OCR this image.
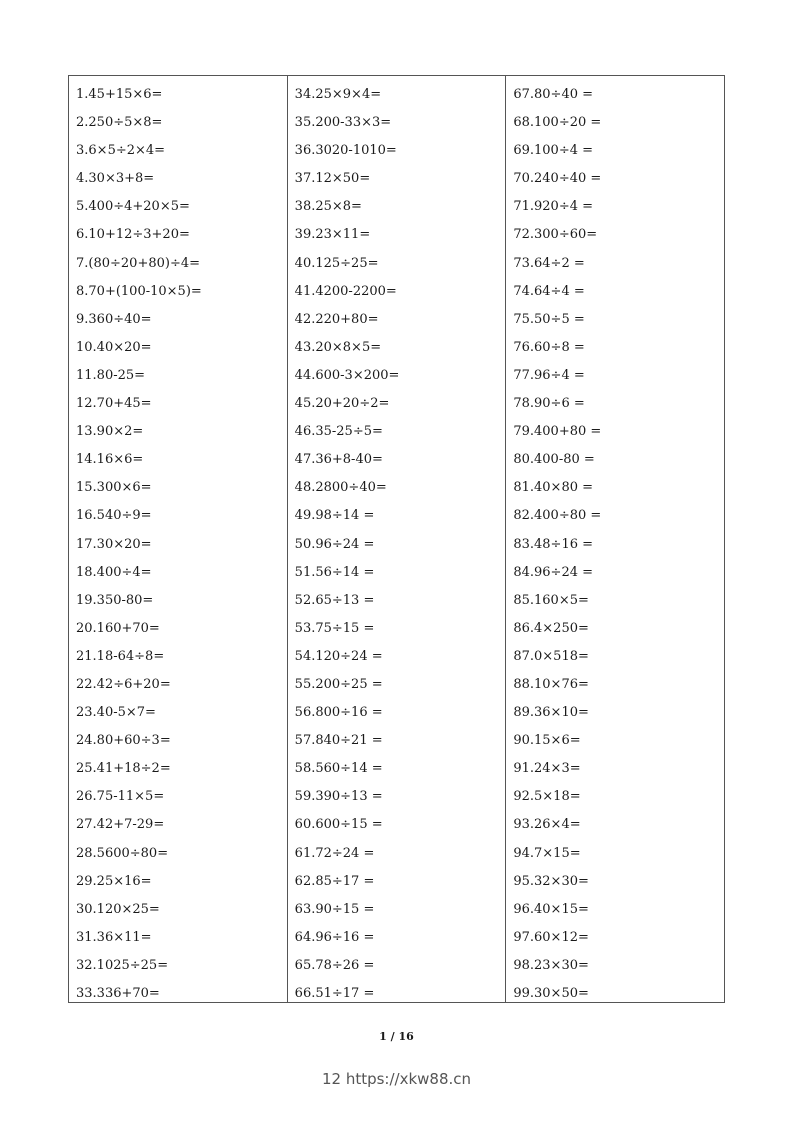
1.45+15×6=
2.250÷5×8=
3.6×5÷2×4=
4.30×3+8=
5.400÷4+20×5=
6.10+12÷3+20=
7.(80÷20+80)÷4=
8.70+(100-10×5)=
9.360÷40=
10.40×20=
11.80-25=
12.70+45=
13.90×2=
14.16×6=
15.300×6=
16.540÷9=
17.30×20=
18.400÷4=
19.350-80=
20.160+70=
21.18-64÷8=
22.42÷6+20=
23.40-5×7=
24.80+60÷3=
25.41+18÷2=
26.75-11×5=
27.42+7-29=
28.5600÷80=
29.25×16=
30.120×25=
31.36×11=
32.1025÷25=
33.336+70=
34.25×9×4=
35.200-33×3=
36.3020-1010=
37.12×50=
38.25×8=
39.23×11=
40.125÷25=
41.4200-2200=
42.220+80=
43.20×8×5=
44.600-3×200=
45.20+20÷2=
46.35-25÷5=
47.36+8-40=
48.2800÷40=
49.98÷14 =
50.96÷24 =
51.56÷14 =
52.65÷13 =
53.75÷15 =
54.120÷24 =
55.200÷25 =
56.800÷16 =
57.840÷21 =
58.560÷14 =
59.390÷13 =
60.600÷15 =
61.72÷24 =
62.85÷17 =
63.90÷15 =
64.96÷16 =
65.78÷26 =
66.51÷17 =
67.80÷40 =
68.100÷20 =
69.100÷4 =
70.240÷40 =
71.920÷4 =
72.300÷60=
73.64÷2 =
74.64÷4 =
75.50÷5 =
76.60÷8 =
77.96÷4 =
78.90÷6 =
79.400+80 =
80.400-80 =
81.40×80 =
82.400÷80 =
83.48÷16 =
84.96÷24 =
85.160×5=
86.4×250=
87.0×518=
88.10×76=
89.36×10=
90.15×6=
91.24×3=
92.5×18=
93.26×4=
94.7×15=
95.32×30=
96.40×15=
97.60×12=
98.23×30=
99.30×50=
1 / 16
12 https://xkw88.cn
